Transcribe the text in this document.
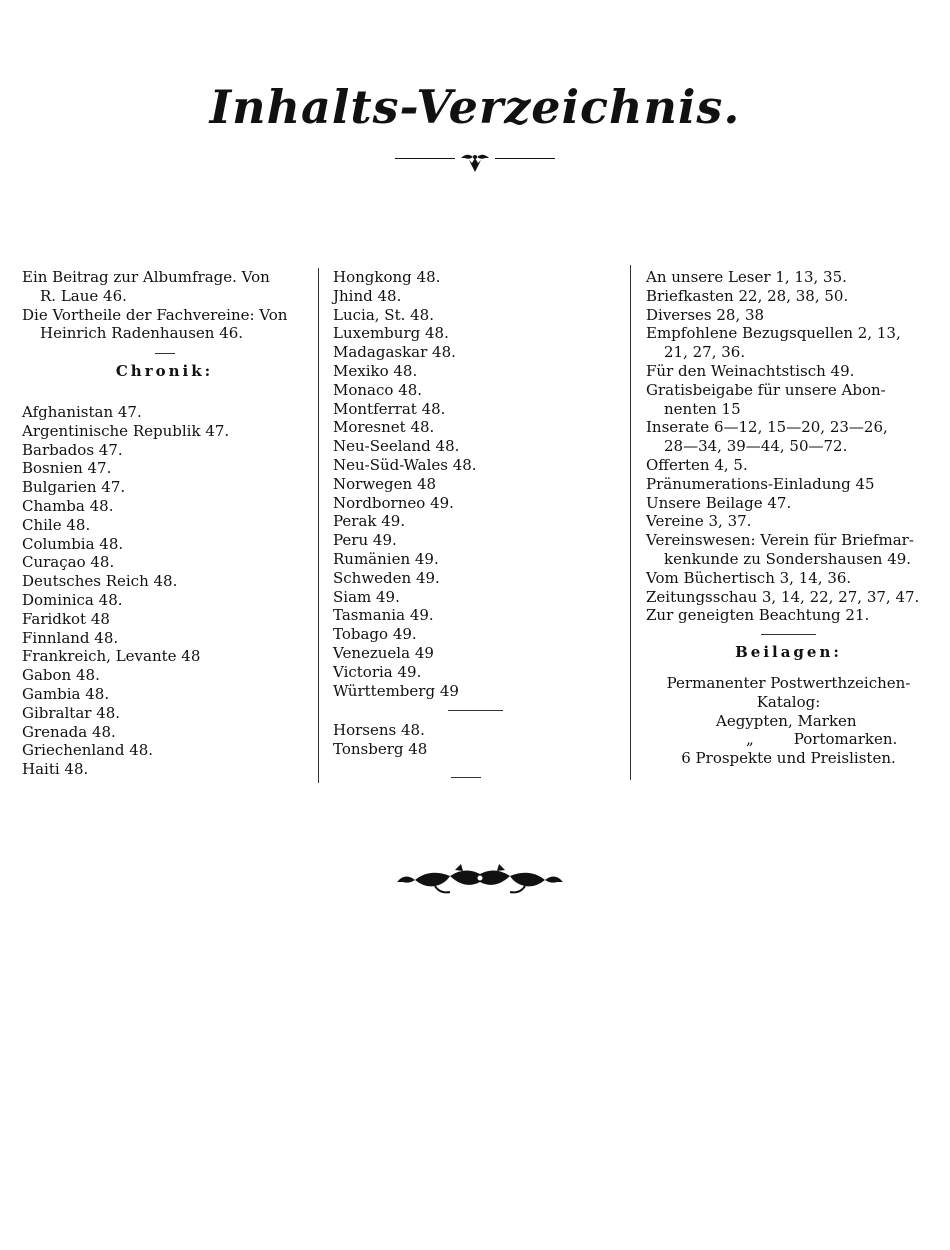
Inhalts-Verzeichnis.

Ein Beitrag zur Albumfrage. Von

R. Laue 46.

Die Vortheile der Fachvereine: Von

Heinrich Radenhausen 46.

Chronik:

Afghanistan 47.

Argentinische Republik 47.

Barbados 47.

Bosnien 47.

Bulgarien 47.

Chamba 48.

Chile 48.

Columbia 48.

Curaçao 48.

Deutsches Reich 48.

Dominica 48.

Faridkot 48

Finnland 48.

Frankreich, Levante 48

Gabon 48.

Gambia 48.

Gibraltar 48.

Grenada 48.

Griechenland 48.

Haiti 48.

Hongkong 48.

Jhind 48.

Lucia, St. 48.

Luxemburg 48.

Madagaskar 48.

Mexiko 48.

Monaco 48.

Montferrat 48.

Moresnet 48.

Neu-Seeland 48.

Neu-Süd-Wales 48.

Norwegen 48

Nordborneo 49.

Perak 49.

Peru 49.

Rumänien 49.

Schweden 49.

Siam 49.

Tasmania 49.

Tobago 49.

Venezuela 49

Victoria 49.

Württemberg 49

Horsens 48.

Tonsberg 48

An unsere Leser 1, 13, 35.

Briefkasten 22, 28, 38, 50.

Diverses 28, 38

Empfohlene Bezugsquellen 2, 13,

21, 27, 36.

Für den Weinachtstisch 49.

Gratisbeigabe für unsere Abon-

nenten 15

Inserate 6—12, 15—20, 23—26,

28—34, 39—44, 50—72.

Offerten 4, 5.

Pränumerations-Einladung 45

Unsere Beilage 47.

Vereine 3, 37.

Vereinswesen: Verein für Briefmar-

kenkunde zu Sondershausen 49.

Vom Büchertisch 3, 14, 36.

Zeitungsschau 3, 14, 22, 27, 37, 47.

Zur geneigten Beachtung 21.

Beilagen:

Permanenter Postwerthzeichen-

Katalog:

Aegypten, Marken

„	Portomarken.

6 Prospekte und Preislisten.
